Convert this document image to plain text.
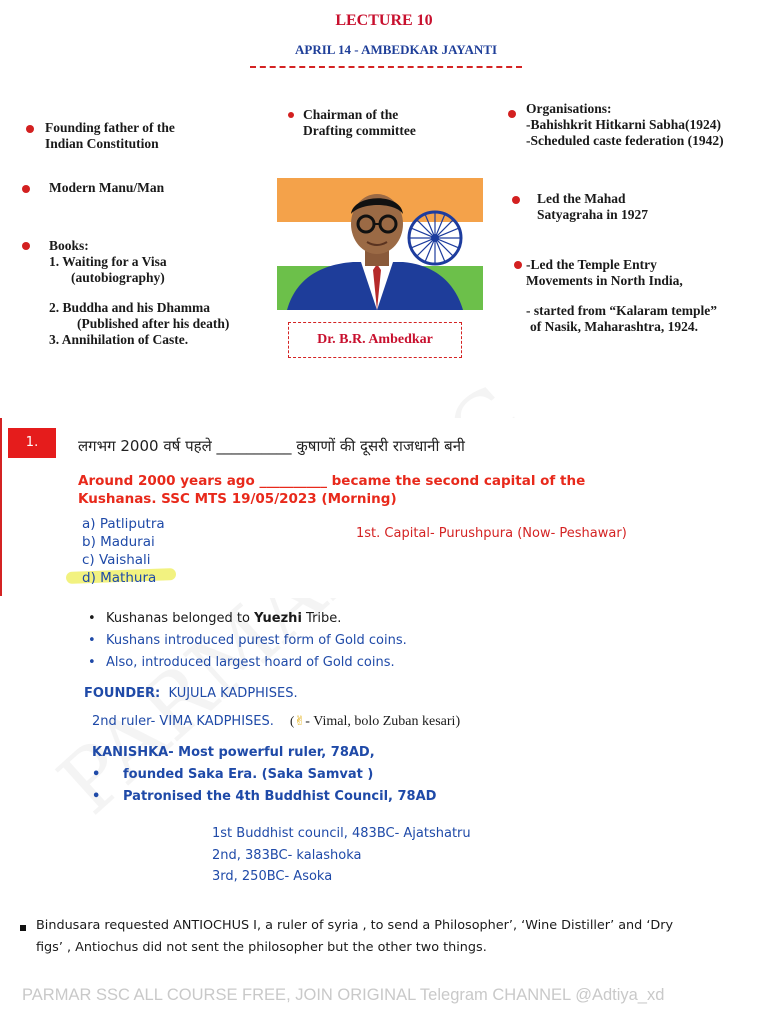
LECTURE 10
APRIL 14 - AMBEDKAR JAYANTI
Founding father of the
Indian Constitution
Chairman of the
Drafting committee
Organisations:
-Bahishkrit Hitkarni Sabha(1924)
-Scheduled caste federation (1942)
Modern Manu/Man
Led the Mahad
Satyagraha in 1927
Books:
1. Waiting for a Visa
(autobiography)
2. Buddha and his Dhamma
(Published after his death)
3. Annihilation of Caste.
-Led the Temple Entry
Movements in North India,
- started from “Kalaram temple”
of Nasik, Maharashtra, 1924.
Dr. B.R. Ambedkar
1.	लगभग 2000 वर्ष पहले __________ कुषाणों की दूसरी राजधानी बनी
Around 2000 years ago __________ became the second capital of the
Kushanas. SSC MTS 19/05/2023 (Morning)
a) Patliputra
b) Madurai
c) Vaishali
d) Mathura
1st. Capital- Purushpura (Now- Peshawar)
• Kushanas belonged to Yuezhi Tribe.
• Kushans introduced purest form of Gold coins.
• Also, introduced largest hoard of Gold coins.
FOUNDER: KUJULA KADPHISES.
2nd ruler- VIMA KADPHISES. (✌- Vimal, bolo Zuban kesari)
KANISHKA- Most powerful ruler, 78AD,
• founded Saka Era. (Saka Samvat )
• Patronised the 4th Buddhist Council, 78AD
1st Buddhist council, 483BC- Ajatshatru
2nd, 383BC- kalashoka
3rd, 250BC- Asoka
Bindusara requested ANTIOCHUS I, a ruler of syria , to send a Philosopher’, ‘Wine Distiller’ and ‘Dry
figs’ , Antiochus did not sent the philosopher but the other two things.
PARMAR SSC ALL COURSE FREE, JOIN ORIGINAL Telegram CHANNEL @Adtiya_xd
